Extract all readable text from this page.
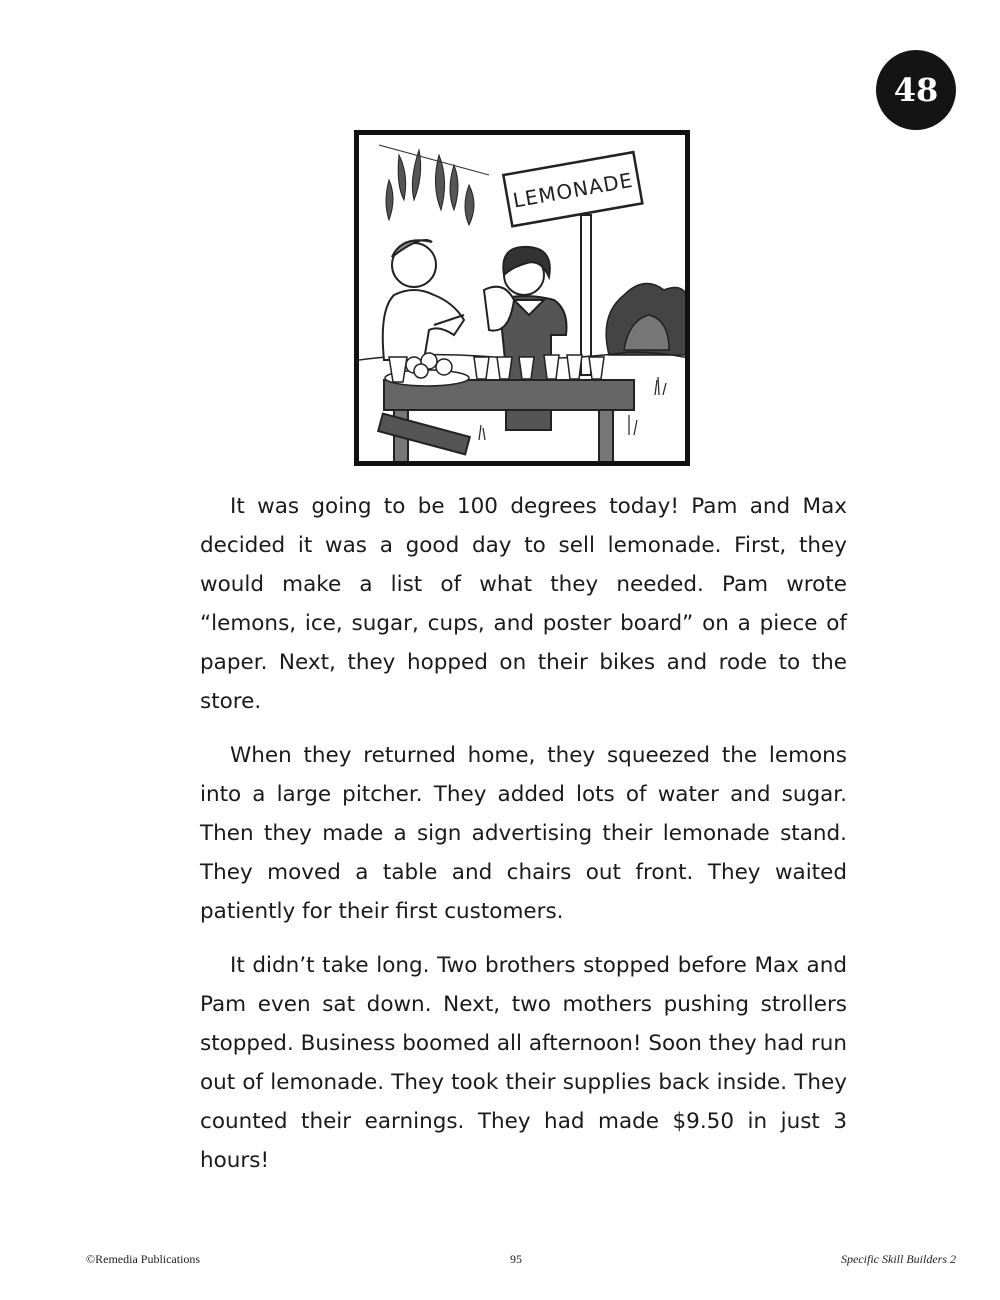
48
LEMONADE

It was going to be 100 degrees today! Pam and Max decided it was a good day to sell lemonade. First, they would make a list of what they needed. Pam wrote “lemons, ice, sugar, cups, and poster board” on a piece of paper. Next, they hopped on their bikes and rode to the store.

When they returned home, they squeezed the lemons into a large pitcher. They added lots of water and sugar. Then they made a sign advertising their lemonade stand. They moved a table and chairs out front. They waited patiently for their first customers.

It didn’t take long. Two brothers stopped before Max and Pam even sat down. Next, two mothers pushing strollers stopped. Business boomed all afternoon! Soon they had run out of lemonade. They took their supplies back inside. They counted their earnings. They had made $9.50 in just 3 hours!

©Remedia Publications	95	Specific Skill Builders 2
